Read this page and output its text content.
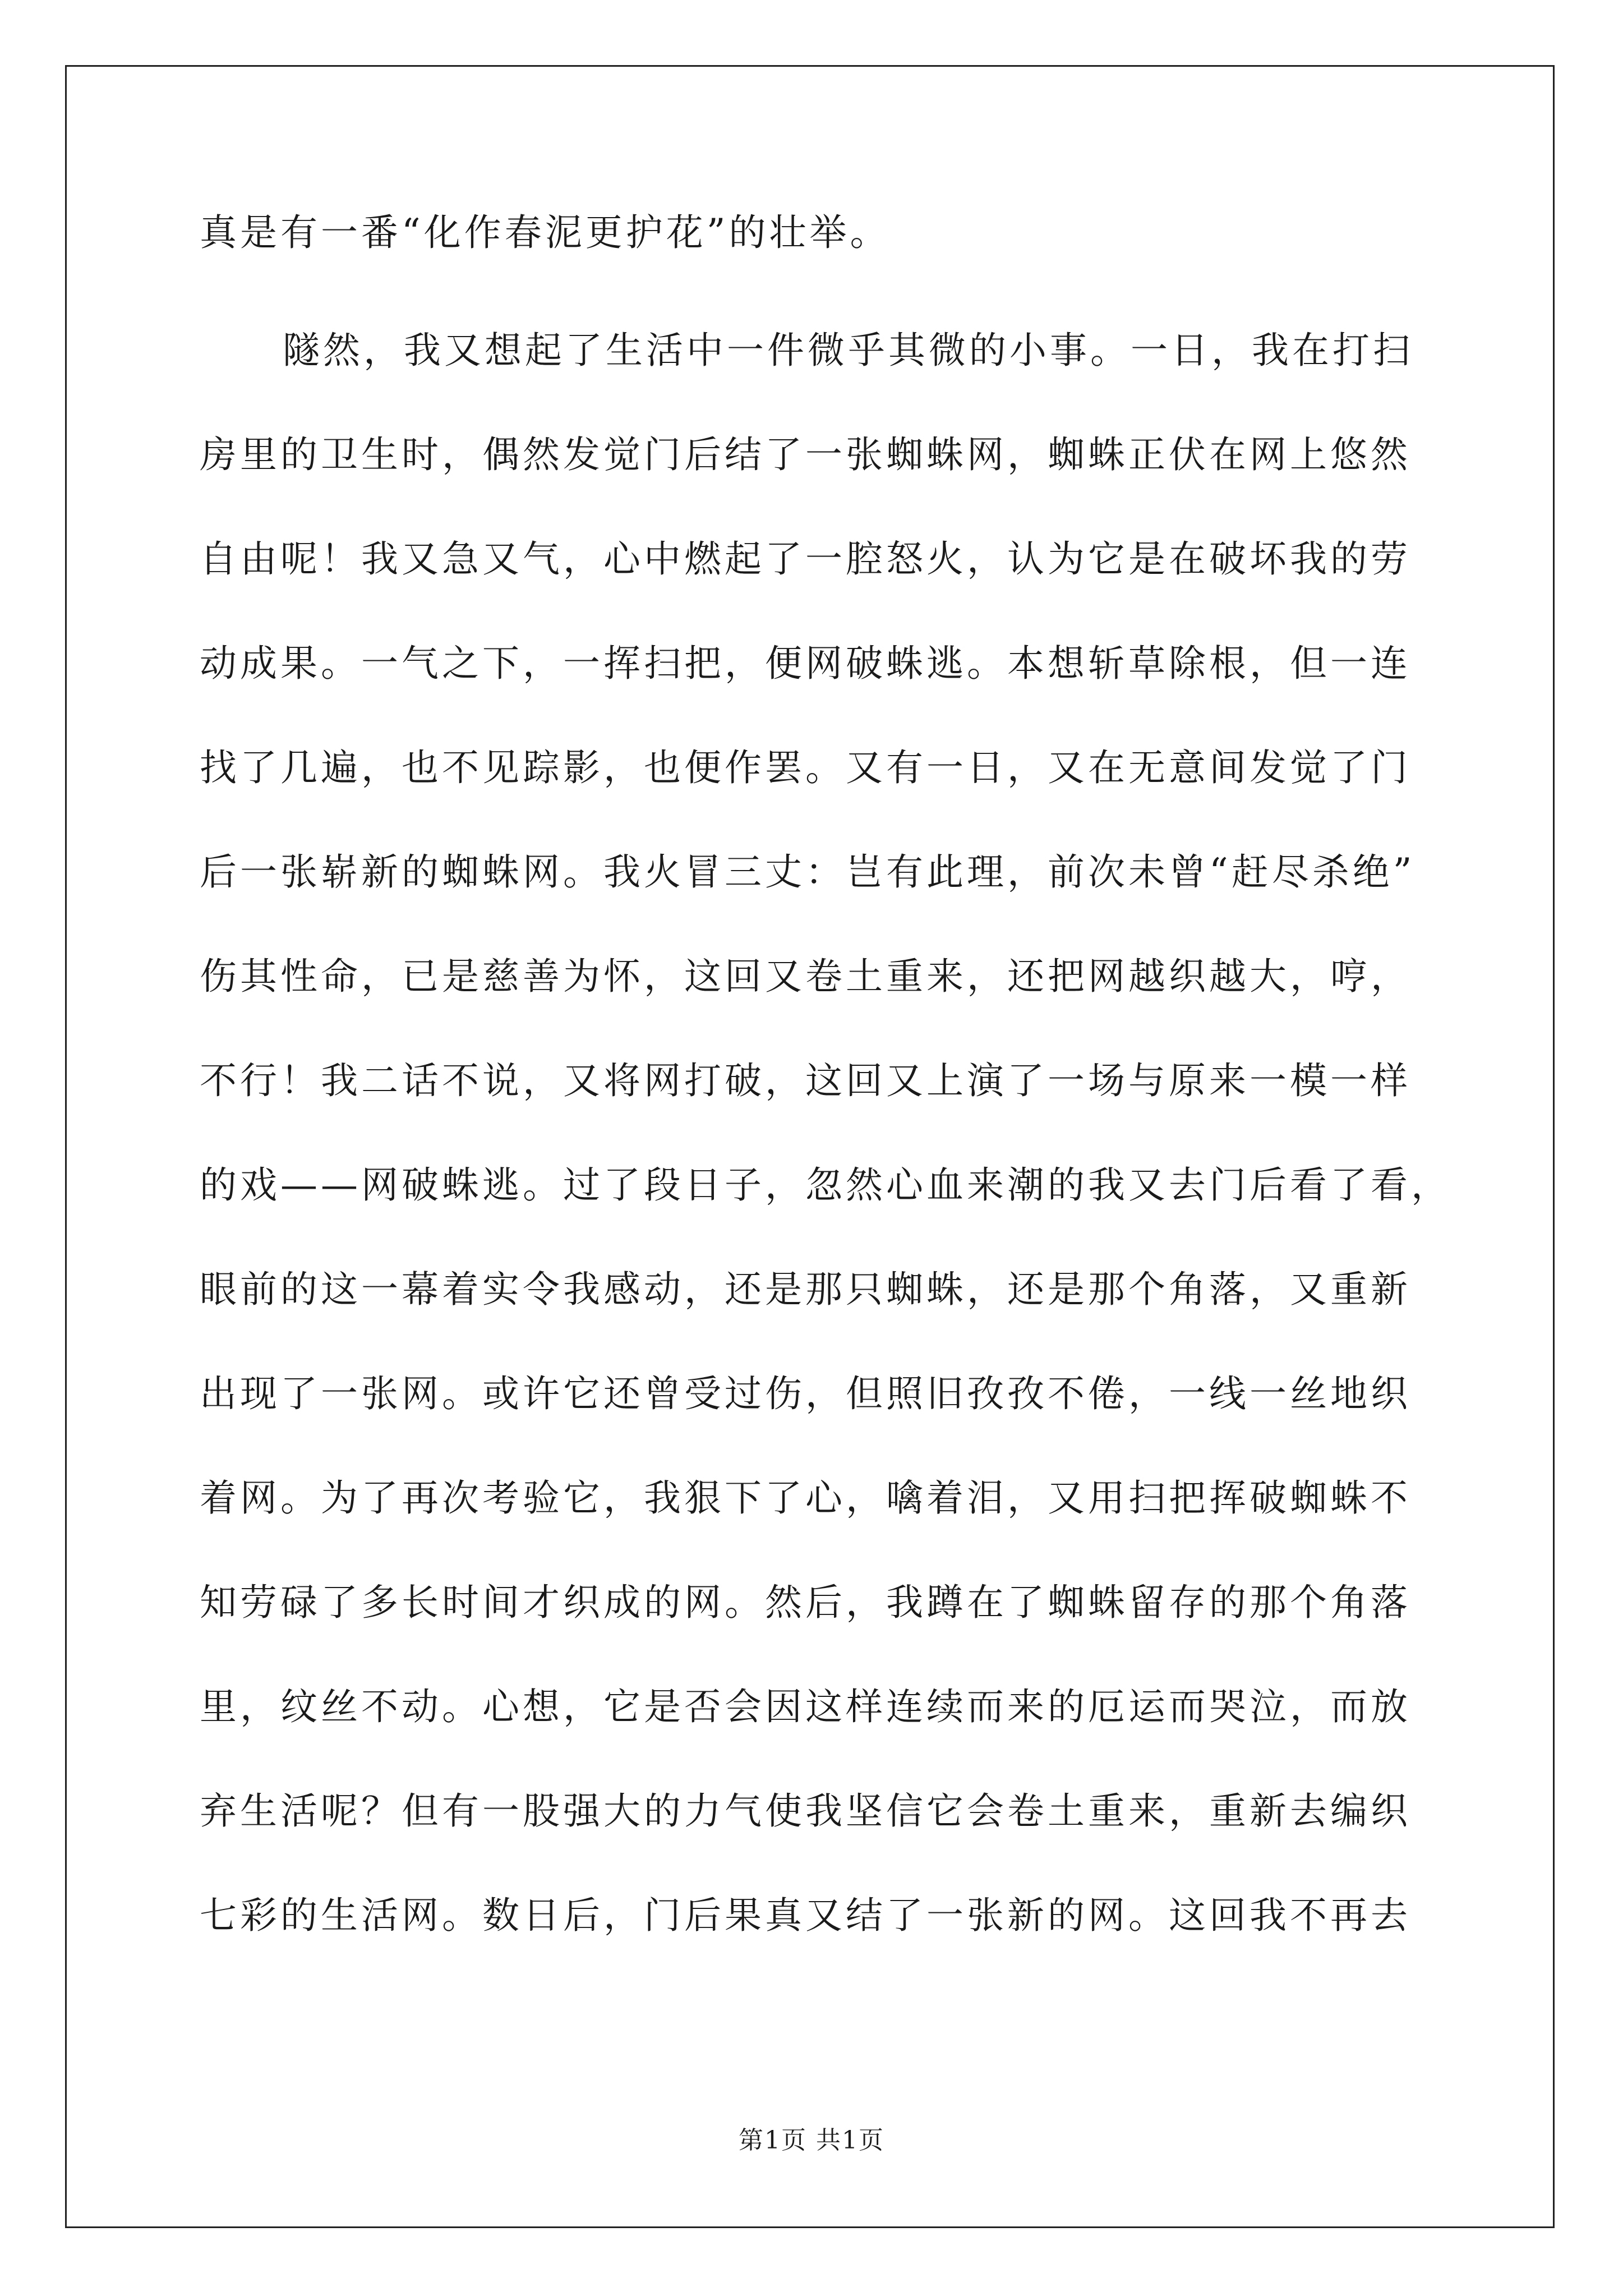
真是有一番“化作春泥更护花”的壮举。
隧然，我又想起了生活中一件微乎其微的小事。一日，我在打扫
房里的卫生时，偶然发觉门后结了一张蜘蛛网，蜘蛛正伏在网上悠然
自由呢！我又急又气，心中燃起了一腔怒火，认为它是在破坏我的劳
动成果。一气之下，一挥扫把，便网破蛛逃。本想斩草除根，但一连
找了几遍，也不见踪影，也便作罢。又有一日，又在无意间发觉了门
后一张崭新的蜘蛛网。我火冒三丈：岂有此理，前次未曾“赶尽杀绝”
伤其性命，已是慈善为怀，这回又卷土重来，还把网越织越大，哼，
不行！我二话不说，又将网打破，这回又上演了一场与原来一模一样
的戏——网破蛛逃。过了段日子，忽然心血来潮的我又去门后看了看，
眼前的这一幕着实令我感动，还是那只蜘蛛，还是那个角落，又重新
出现了一张网。或许它还曾受过伤，但照旧孜孜不倦，一线一丝地织
着网。为了再次考验它，我狠下了心，噙着泪，又用扫把挥破蜘蛛不
知劳碌了多长时间才织成的网。然后，我蹲在了蜘蛛留存的那个角落
里，纹丝不动。心想，它是否会因这样连续而来的厄运而哭泣，而放
弃生活呢？但有一股强大的力气使我坚信它会卷土重来，重新去编织
七彩的生活网。数日后，门后果真又结了一张新的网。这回我不再去
第1页 共1页
